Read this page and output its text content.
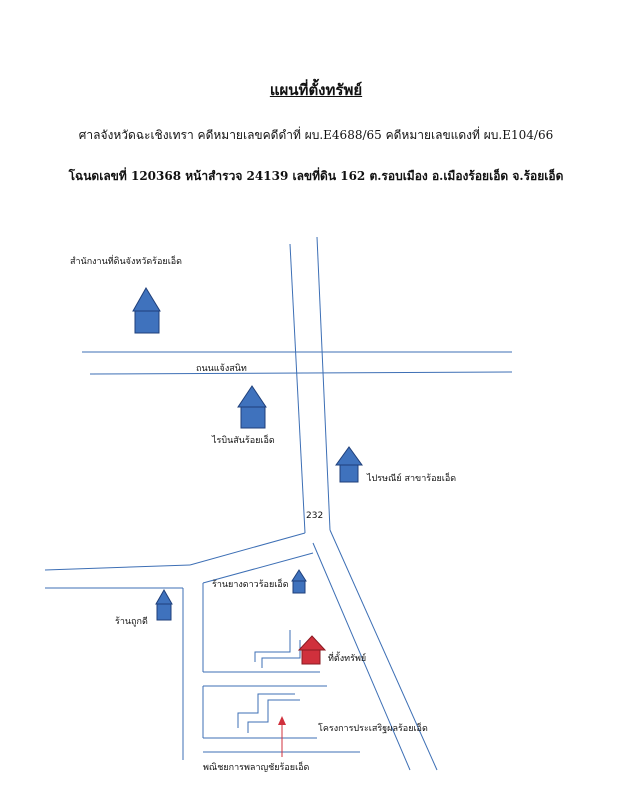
แผนที่ตั้งทรัพย์
ศาลจังหวัดฉะเชิงเทรา คดีหมายเลขคดีดำที่ ผบ.E4688/65 คดีหมายเลขแดงที่ ผบ.E104/66
โฉนดเลขที่ 120368 หน้าสำรวจ 24139 เลขที่ดิน 162 ต.รอบเมือง อ.เมืองร้อยเอ็ด จ.ร้อยเอ็ด
สำนักงานที่ดินจังหวัดร้อยเอ็ด
ถนนแจ้งสนิท
ไรบินสันร้อยเอ็ด
ไปรษณีย์ สาขาร้อยเอ็ด
232
ร้านยางดาวร้อยเอ็ด
ร้านถูกดี
ที่ตั้งทรัพย์
โครงการประเสริฐผลร้อยเอ็ด
พณิชยการพลาญชัยร้อยเอ็ด
